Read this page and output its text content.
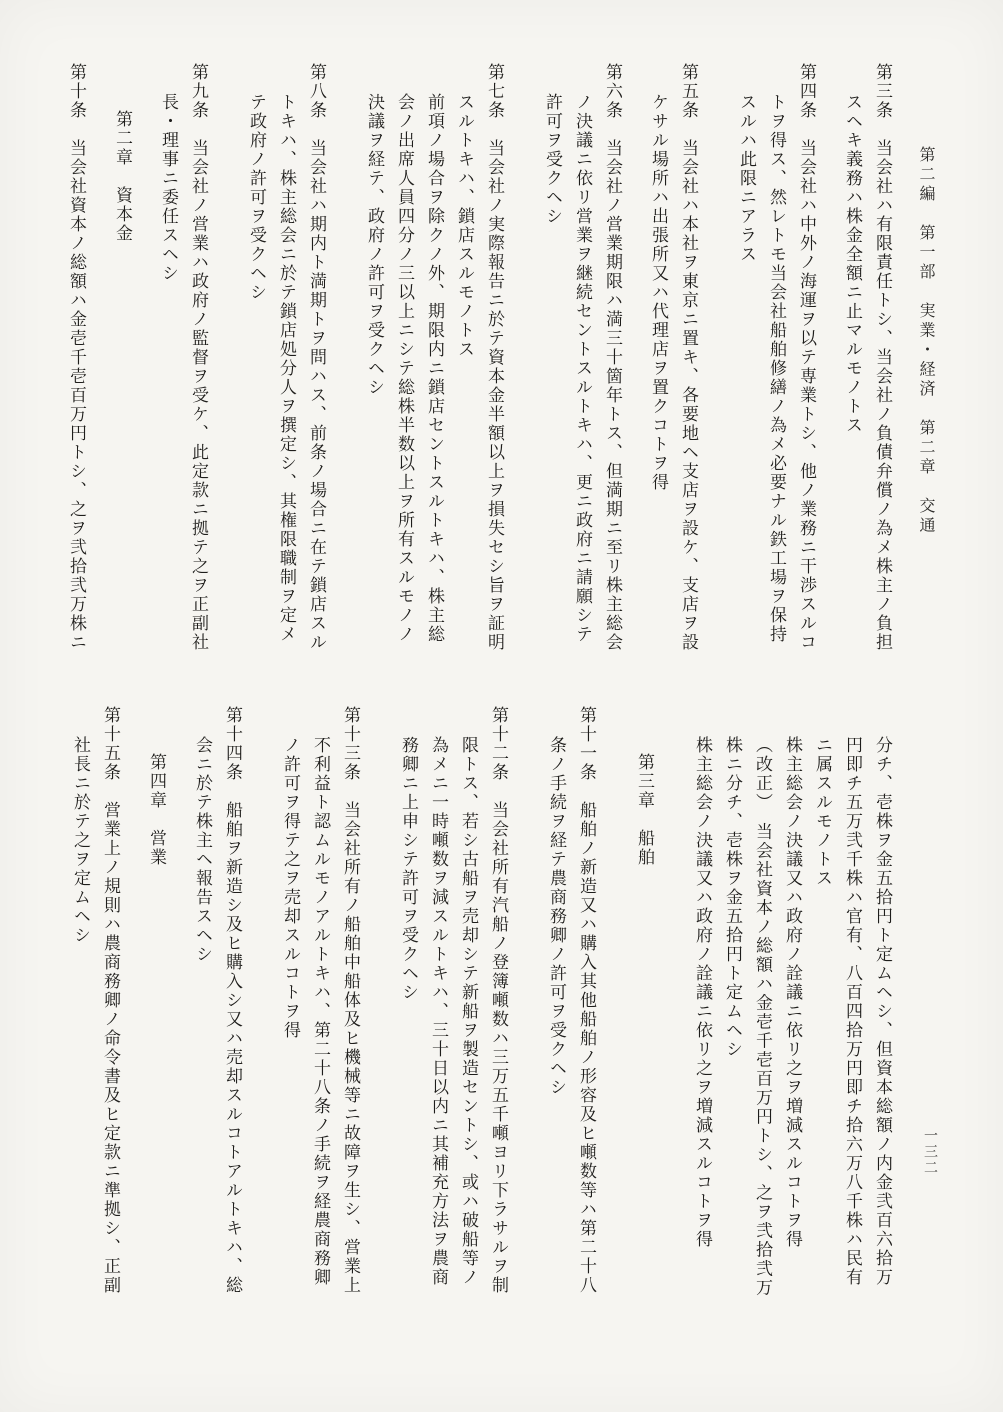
第二編　第一部　実業・経済　第二章　交通

第三条　当会社ハ有限責任トシ、当会社ノ負債弁償ノ為メ株主ノ負担

スヘキ義務ハ株金全額ニ止マルモノトス

第四条　当会社ハ中外ノ海運ヲ以テ専業トシ、他ノ業務ニ干渉スルコ

トヲ得ス、然レトモ当会社船舶修繕ノ為メ必要ナル鉄工場ヲ保持

スルハ此限ニアラス

第五条　当会社ハ本社ヲ東京ニ置キ、各要地ヘ支店ヲ設ケ、支店ヲ設

ケサル場所ハ出張所又ハ代理店ヲ置クコトヲ得

第六条　当会社ノ営業期限ハ満三十箇年トス、但満期ニ至リ株主総会

ノ決議ニ依リ営業ヲ継続セントスルトキハ、更ニ政府ニ請願シテ

許可ヲ受クヘシ

第七条　当会社ノ実際報告ニ於テ資本金半額以上ヲ損失セシ旨ヲ証明

スルトキハ、鎖店スルモノトス

前項ノ場合ヲ除クノ外、期限内ニ鎖店セントスルトキハ、株主総

会ノ出席人員四分ノ三以上ニシテ総株半数以上ヲ所有スルモノノ

決議ヲ経テ、政府ノ許可ヲ受クヘシ

第八条　当会社ハ期内ト満期トヲ問ハス、前条ノ場合ニ在テ鎖店スル

トキハ、株主総会ニ於テ鎖店処分人ヲ撰定シ、其権限職制ヲ定メ

テ政府ノ許可ヲ受クヘシ

第九条　当会社ノ営業ハ政府ノ監督ヲ受ケ、此定款ニ拠テ之ヲ正副社

長・理事ニ委任スヘシ

第二章　資本金

第十条　当会社資本ノ総額ハ金壱千壱百万円トシ、之ヲ弐拾弐万株ニ

分チ、壱株ヲ金五拾円ト定ムヘシ、但資本総額ノ内金弐百六拾万

円即チ五万弐千株ハ官有、八百四拾万円即チ拾六万八千株ハ民有

ニ属スルモノトス

株主総会ノ決議又ハ政府ノ詮議ニ依リ之ヲ増減スルコトヲ得

（改正）　当会社資本ノ総額ハ金壱千壱百万円トシ、之ヲ弐拾弐万

株ニ分チ、壱株ヲ金五拾円ト定ムヘシ

株主総会ノ決議又ハ政府ノ詮議ニ依リ之ヲ増減スルコトヲ得

第三章　船舶

第十一条　船舶ノ新造又ハ購入其他船舶ノ形容及ヒ噸数等ハ第二十八

条ノ手続ヲ経テ農商務卿ノ許可ヲ受クヘシ

第十二条　当会社所有汽船ノ登簿噸数ハ三万五千噸ヨリ下ラサルヲ制

限トス、若シ古船ヲ売却シテ新船ヲ製造セントシ、或ハ破船等ノ

為メニ一時噸数ヲ減スルトキハ、三十日以内ニ其補充方法ヲ農商

務卿ニ上申シテ許可ヲ受クヘシ

第十三条　当会社所有ノ船舶中船体及ヒ機械等ニ故障ヲ生シ、営業上

不利益ト認ムルモノアルトキハ、第二十八条ノ手続ヲ経農商務卿

ノ許可ヲ得テ之ヲ売却スルコトヲ得

第十四条　船舶ヲ新造シ及ヒ購入シ又ハ売却スルコトアルトキハ、総

会ニ於テ株主ヘ報告スヘシ

第四章　営業

第十五条　営業上ノ規則ハ農商務卿ノ命令書及ヒ定款ニ準拠シ、正副

社長ニ於テ之ヲ定ムヘシ

一三二
